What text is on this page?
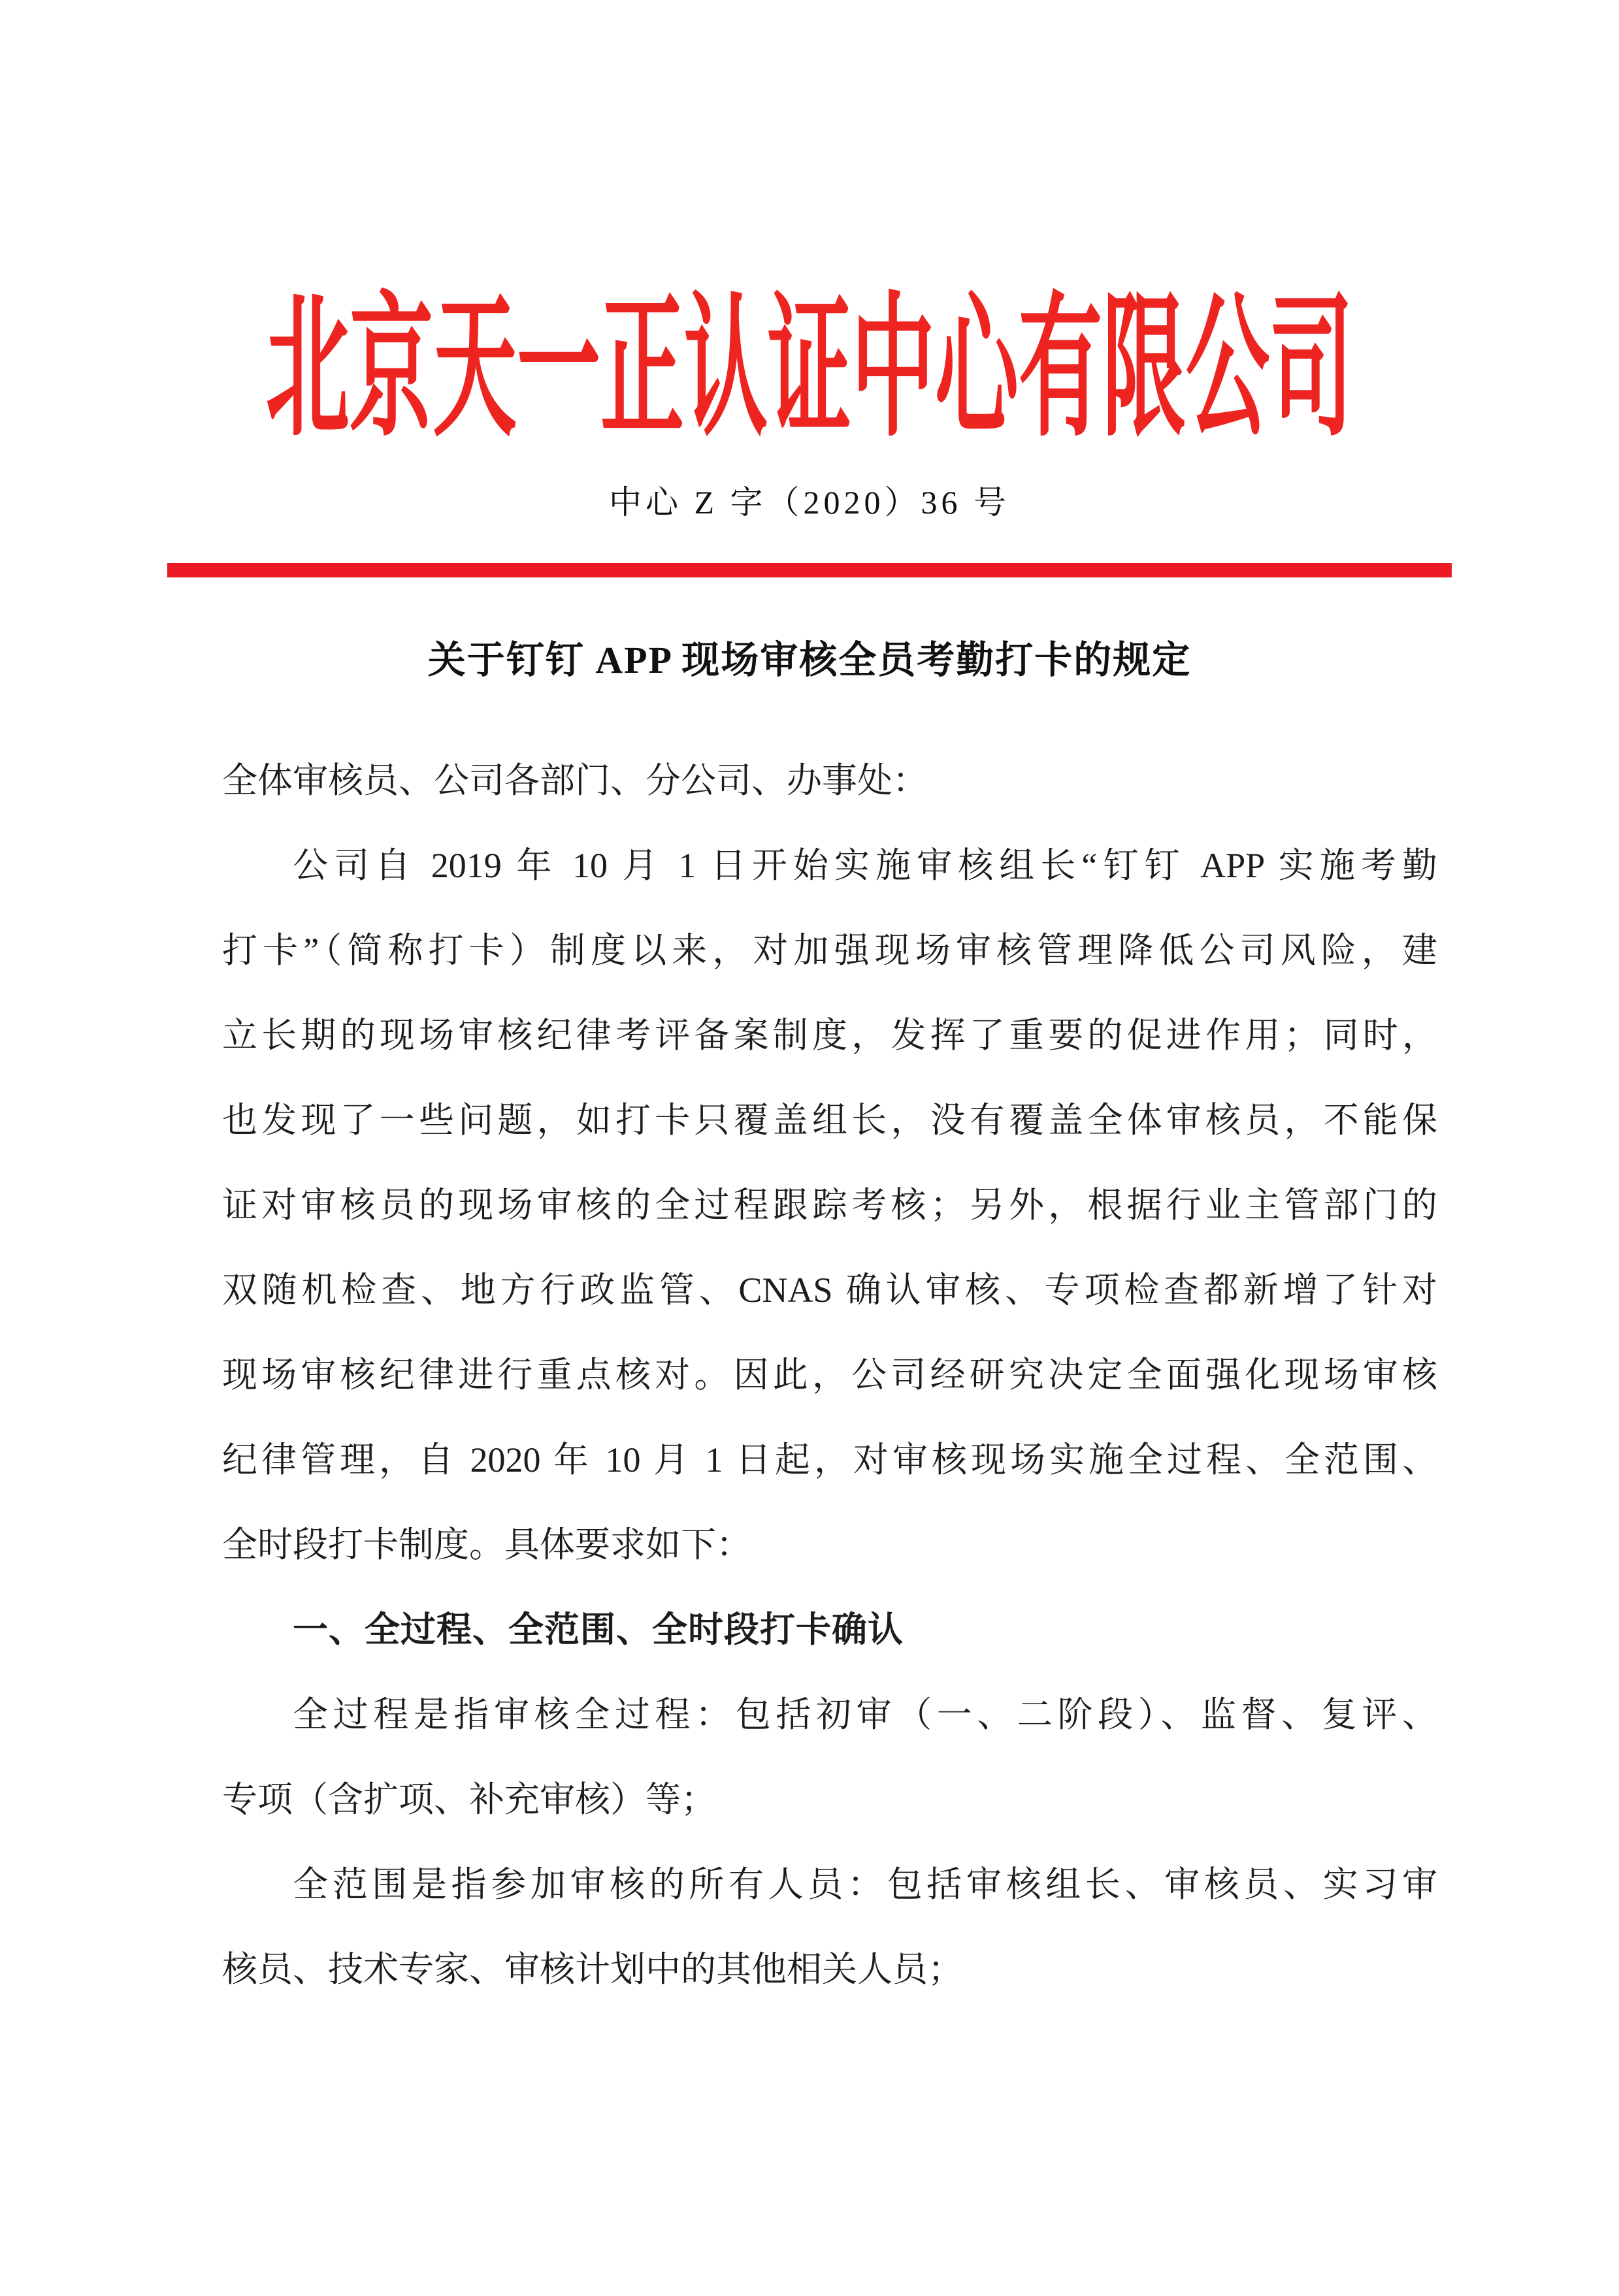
北京天一正认证中心有限公司
中心 Z 字（2020）36 号
关于钉钉 APP 现场审核全员考勤打卡的规定
全体审核员、公司各部门、分公司、办事处：
公司自 2019 年 10 月 1 日开始实施审核组长“钉钉 APP 实施考勤
打卡”（简称打卡）制度以来，对加强现场审核管理降低公司风险，建
立长期的现场审核纪律考评备案制度，发挥了重要的促进作用；同时，
也发现了一些问题，如打卡只覆盖组长，没有覆盖全体审核员，不能保
证对审核员的现场审核的全过程跟踪考核；另外，根据行业主管部门的
双随机检查、地方行政监管、CNAS 确认审核、专项检查都新增了针对
现场审核纪律进行重点核对。因此，公司经研究决定全面强化现场审核
纪律管理，自 2020 年 10 月 1 日起，对审核现场实施全过程、全范围、
全时段打卡制度。具体要求如下：
一、全过程、全范围、全时段打卡确认
全过程是指审核全过程：包括初审（一、二阶段）、监督、复评、
专项（含扩项、补充审核）等；
全范围是指参加审核的所有人员：包括审核组长、审核员、实习审
核员、技术专家、审核计划中的其他相关人员；
